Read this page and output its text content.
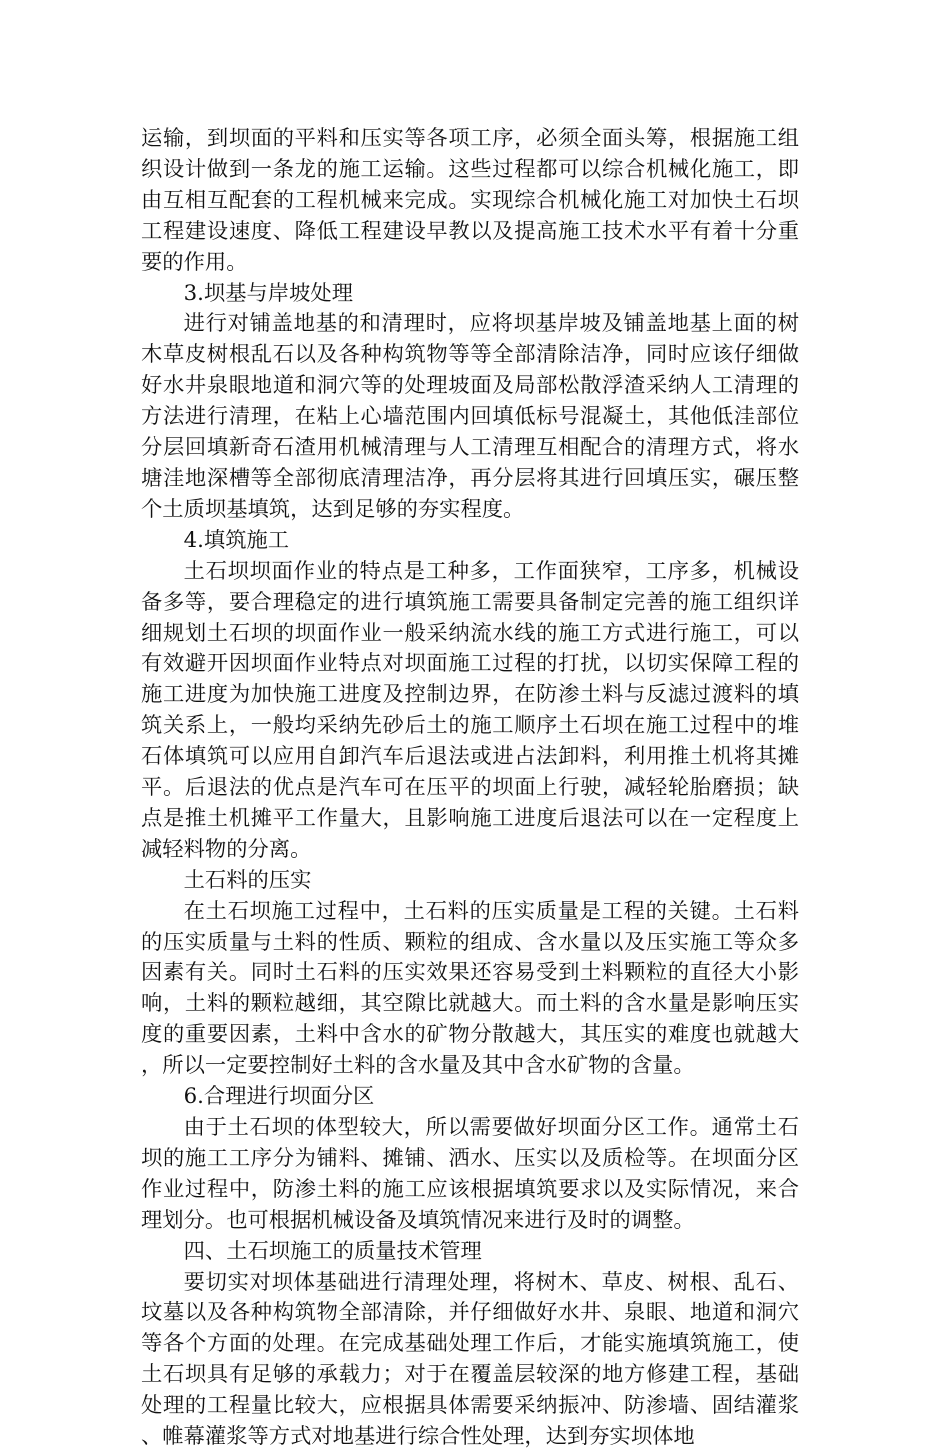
运输，到坝面的平料和压实等各项工序，必须全面头筹，根据施工组织设计做到一条龙的施工运输。这些过程都可以综合机械化施工，即由互相互配套的工程机械来完成。实现综合机械化施工对加快土石坝工程建设速度、降低工程建设早教以及提高施工技术水平有着十分重要的作用。

3.坝基与岸坡处理

进行对铺盖地基的和清理时，应将坝基岸坡及铺盖地基上面的树木草皮树根乱石以及各种构筑物等等全部清除洁净，同时应该仔细做好水井泉眼地道和洞穴等的处理坡面及局部松散浮渣采纳人工清理的方法进行清理，在粘上心墙范围内回填低标号混凝土，其他低洼部位分层回填新奇石渣用机械清理与人工清理互相配合的清理方式，将水塘洼地深槽等全部彻底清理洁净，再分层将其进行回填压实，碾压整个土质坝基填筑，达到足够的夯实程度。

4.填筑施工

土石坝坝面作业的特点是工种多，工作面狭窄，工序多，机械设备多等，要合理稳定的进行填筑施工需要具备制定完善的施工组织详细规划土石坝的坝面作业一般采纳流水线的施工方式进行施工，可以有效避开因坝面作业特点对坝面施工过程的打扰，以切实保障工程的施工进度为加快施工进度及控制边界，在防渗土料与反滤过渡料的填筑关系上，一般均采纳先砂后土的施工顺序土石坝在施工过程中的堆石体填筑可以应用自卸汽车后退法或进占法卸料，利用推土机将其摊平。后退法的优点是汽车可在压平的坝面上行驶，减轻轮胎磨损；缺点是推土机摊平工作量大，且影响施工进度后退法可以在一定程度上减轻料物的分离。

土石料的压实

在土石坝施工过程中，土石料的压实质量是工程的关键。土石料的压实质量与土料的性质、颗粒的组成、含水量以及压实施工等众多因素有关。同时土石料的压实效果还容易受到土料颗粒的直径大小影响，土料的颗粒越细，其空隙比就越大。而土料的含水量是影响压实度的重要因素，土料中含水的矿物分散越大，其压实的难度也就越大，所以一定要控制好土料的含水量及其中含水矿物的含量。

6.合理进行坝面分区

由于土石坝的体型较大，所以需要做好坝面分区工作。通常土石坝的施工工序分为铺料、摊铺、洒水、压实以及质检等。在坝面分区作业过程中，防渗土料的施工应该根据填筑要求以及实际情况，来合理划分。也可根据机械设备及填筑情况来进行及时的调整。

四、土石坝施工的质量技术管理

要切实对坝体基础进行清理处理，将树木、草皮、树根、乱石、坟墓以及各种构筑物全部清除，并仔细做好水井、泉眼、地道和洞穴等各个方面的处理。在完成基础处理工作后，才能实施填筑施工，使土石坝具有足够的承载力；对于在覆盖层较深的地方修建工程，基础处理的工程量比较大，应根据具体需要采纳振冲、防渗墙、固结灌浆、帷幕灌浆等方式对地基进行综合性处理，达到夯实坝体地
